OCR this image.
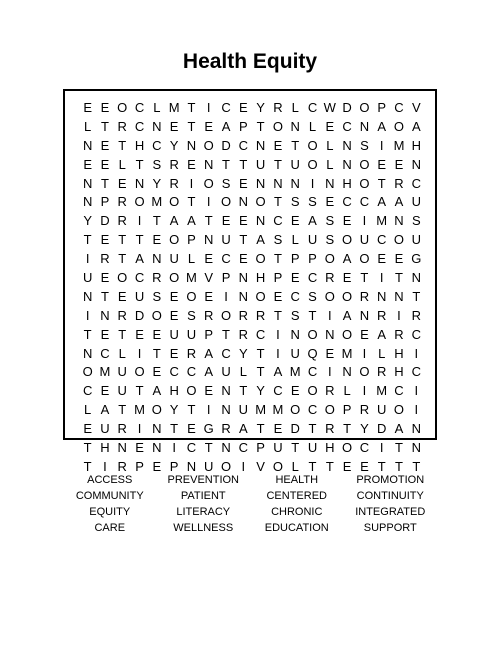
Health Equity
E E O C L M T I C E Y R L C W D O P C V
L T R C N E T E A P T O N L E C N A O A
N E T H C Y N O D C N E T O L N S I M H
E E L T S R E N T T U T U O L N O E E N
N T E N Y R I O S E N N N I N H O T R C
N P R O M O T I O N O T S S E C C A A U
Y D R I T A A T E E N C E A S E I M N S
T E T T E O P N U T A S L U S O U C O U
I R T A N U L E C E O T P P O A O E E G
U E O C R O M V P N H P E C R E T I T N
N T E U S E O E I N O E C S O O R N N T
I N R D O E S R O R R T S T I A N R I R
T E T E E U U P T R C I N O N O E A R C
N C L I T E R A C Y T I U Q E M I L H I
O M U O E C C A U L T A M C I N O R H C
C E U T A H O E N T Y C E O R L I M C I
L A T M O Y T I N U M M O C O P R U O I
E U R I N T E G R A T E D T R T Y D A N
T H N E N I C T N C P U T U H O C I T N
T I R P E P N U O I V O L T T E E T T T
ACCESS	PREVENTION	HEALTH	PROMOTION
COMMUNITY	PATIENT	CENTERED	CONTINUITY
EQUITY	LITERACY	CHRONIC	INTEGRATED
CARE	WELLNESS	EDUCATION	SUPPORT
